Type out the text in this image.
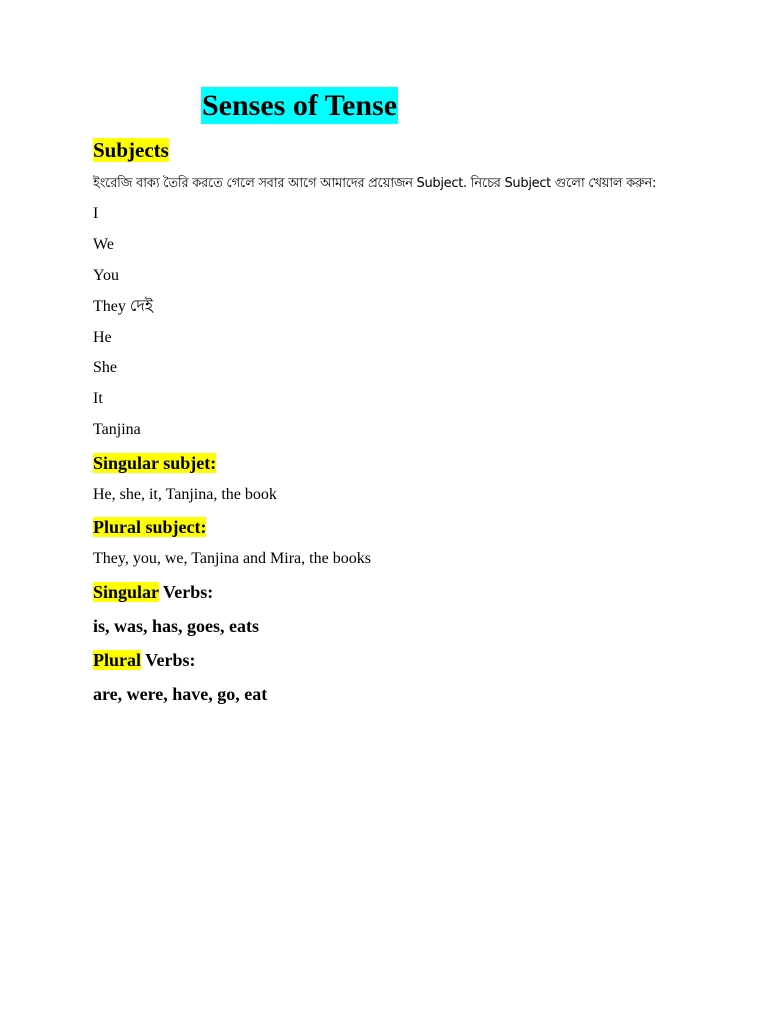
Senses of Tense
Subjects
ইংরেজি বাক্য তৈরি করতে গেলে সবার আগে আমাদের প্রয়োজন Subject. নিচের Subject গুলো খেয়াল করুন:
I
We
You
They দেই
He
She
It
Tanjina
Singular subjet:
He, she, it, Tanjina, the book
Plural subject:
They, you, we, Tanjina and Mira, the books
Singular Verbs:
is, was, has, goes, eats
Plural Verbs:
are, were, have, go, eat
